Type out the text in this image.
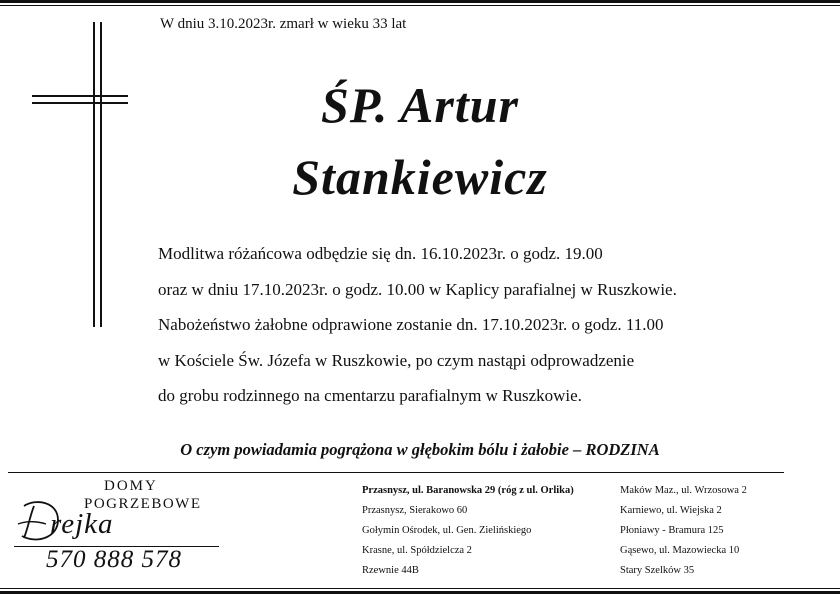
W dniu 3.10.2023r. zmarł w wieku 33 lat
ŚP. Artur
Stankiewicz
Modlitwa różańcowa odbędzie się dn. 16.10.2023r. o godz. 19.00
oraz w dniu 17.10.2023r. o godz. 10.00 w Kaplicy parafialnej w Ruszkowie.
Nabożeństwo żałobne odprawione zostanie dn. 17.10.2023r. o godz. 11.00
w Kościele Św. Józefa w Ruszkowie, po czym nastąpi odprowadzenie
do grobu rodzinnego na cmentarzu parafialnym w Ruszkowie.
O czym powiadamia pogrążona w głębokim bólu i żałobie – RODZINA
DOMY
POGRZEBOWE
rejka
570 888 578
Przasnysz, ul. Baranowska 29 (róg z ul. Orlika)
Przasnysz, Sierakowo 60
Gołymin Ośrodek, ul. Gen. Zielińskiego
Krasne, ul. Spółdzielcza 2
Rzewnie 44B
Maków Maz., ul. Wrzosowa 2
Karniewo, ul. Wiejska 2
Płoniawy - Bramura 125
Gąsewo, ul. Mazowiecka 10
Stary Szelków 35
